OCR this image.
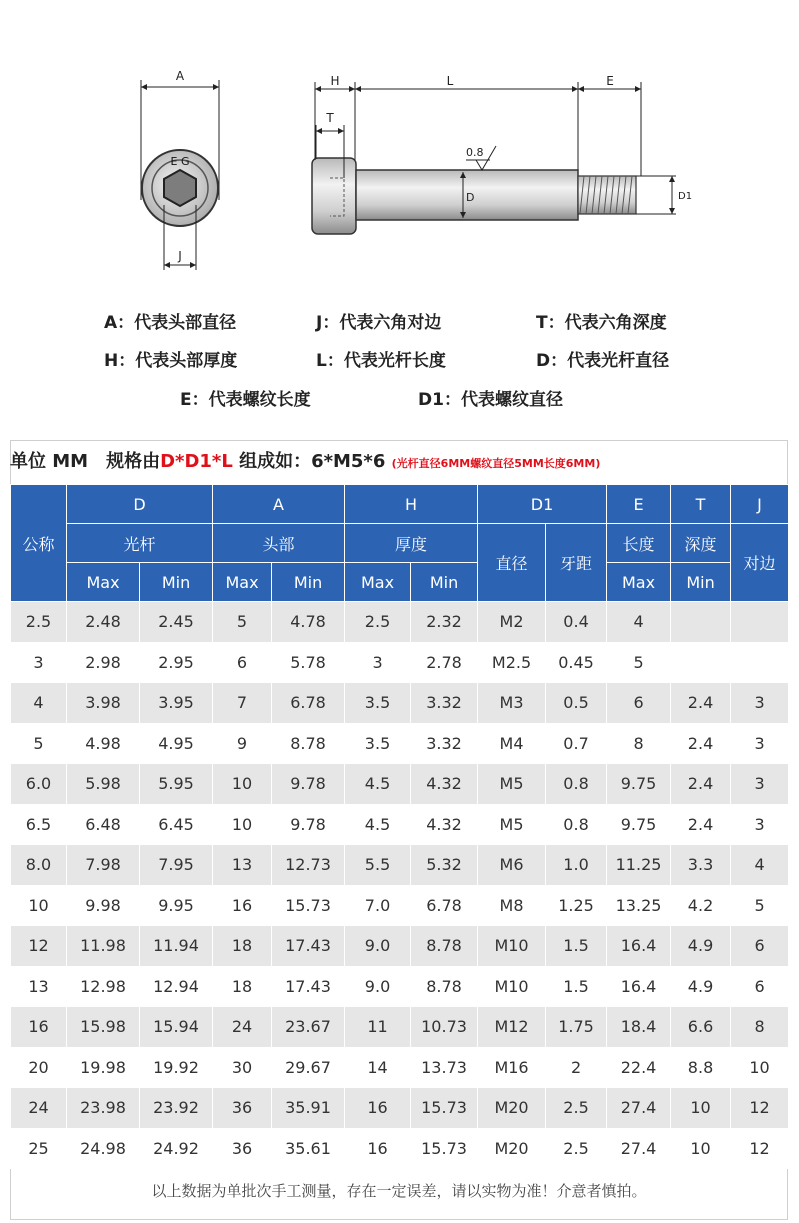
A
E G
J
H	L	E
T
D	D1
0.8
A：代表头部直径	J：代表六角对边	T：代表六角深度
H：代表头部厚度	L：代表光杆长度	D：代表光杆直径
E：代表螺纹长度	D1：代表螺纹直径
单位 MM　规格由D*D1*L 组成如：6*M5*6 (光杆直径6MM螺纹直径5MM长度6MM)
公称	D		A		H		D1		E	T	J
	光杆		头部		厚度		直径	牙距	长度	深度	对边
	Max	Min	Max	Min	Max	Min			Max	Min	
2.5	2.48	2.45	5	4.78	2.5	2.32	M2	0.4	4		
3	2.98	2.95	6	5.78	3	2.78	M2.5	0.45	5		
4	3.98	3.95	7	6.78	3.5	3.32	M3	0.5	6	2.4	3
5	4.98	4.95	9	8.78	3.5	3.32	M4	0.7	8	2.4	3
6.0	5.98	5.95	10	9.78	4.5	4.32	M5	0.8	9.75	2.4	3
6.5	6.48	6.45	10	9.78	4.5	4.32	M5	0.8	9.75	2.4	3
8.0	7.98	7.95	13	12.73	5.5	5.32	M6	1.0	11.25	3.3	4
10	9.98	9.95	16	15.73	7.0	6.78	M8	1.25	13.25	4.2	5
12	11.98	11.94	18	17.43	9.0	8.78	M10	1.5	16.4	4.9	6
13	12.98	12.94	18	17.43	9.0	8.78	M10	1.5	16.4	4.9	6
16	15.98	15.94	24	23.67	11	10.73	M12	1.75	18.4	6.6	8
20	19.98	19.92	30	29.67	14	13.73	M16	2	22.4	8.8	10
24	23.98	23.92	36	35.91	16	15.73	M20	2.5	27.4	10	12
25	24.98	24.92	36	35.61	16	15.73	M20	2.5	27.4	10	12
以上数据为单批次手工测量，存在一定误差，请以实物为准！介意者慎拍。
